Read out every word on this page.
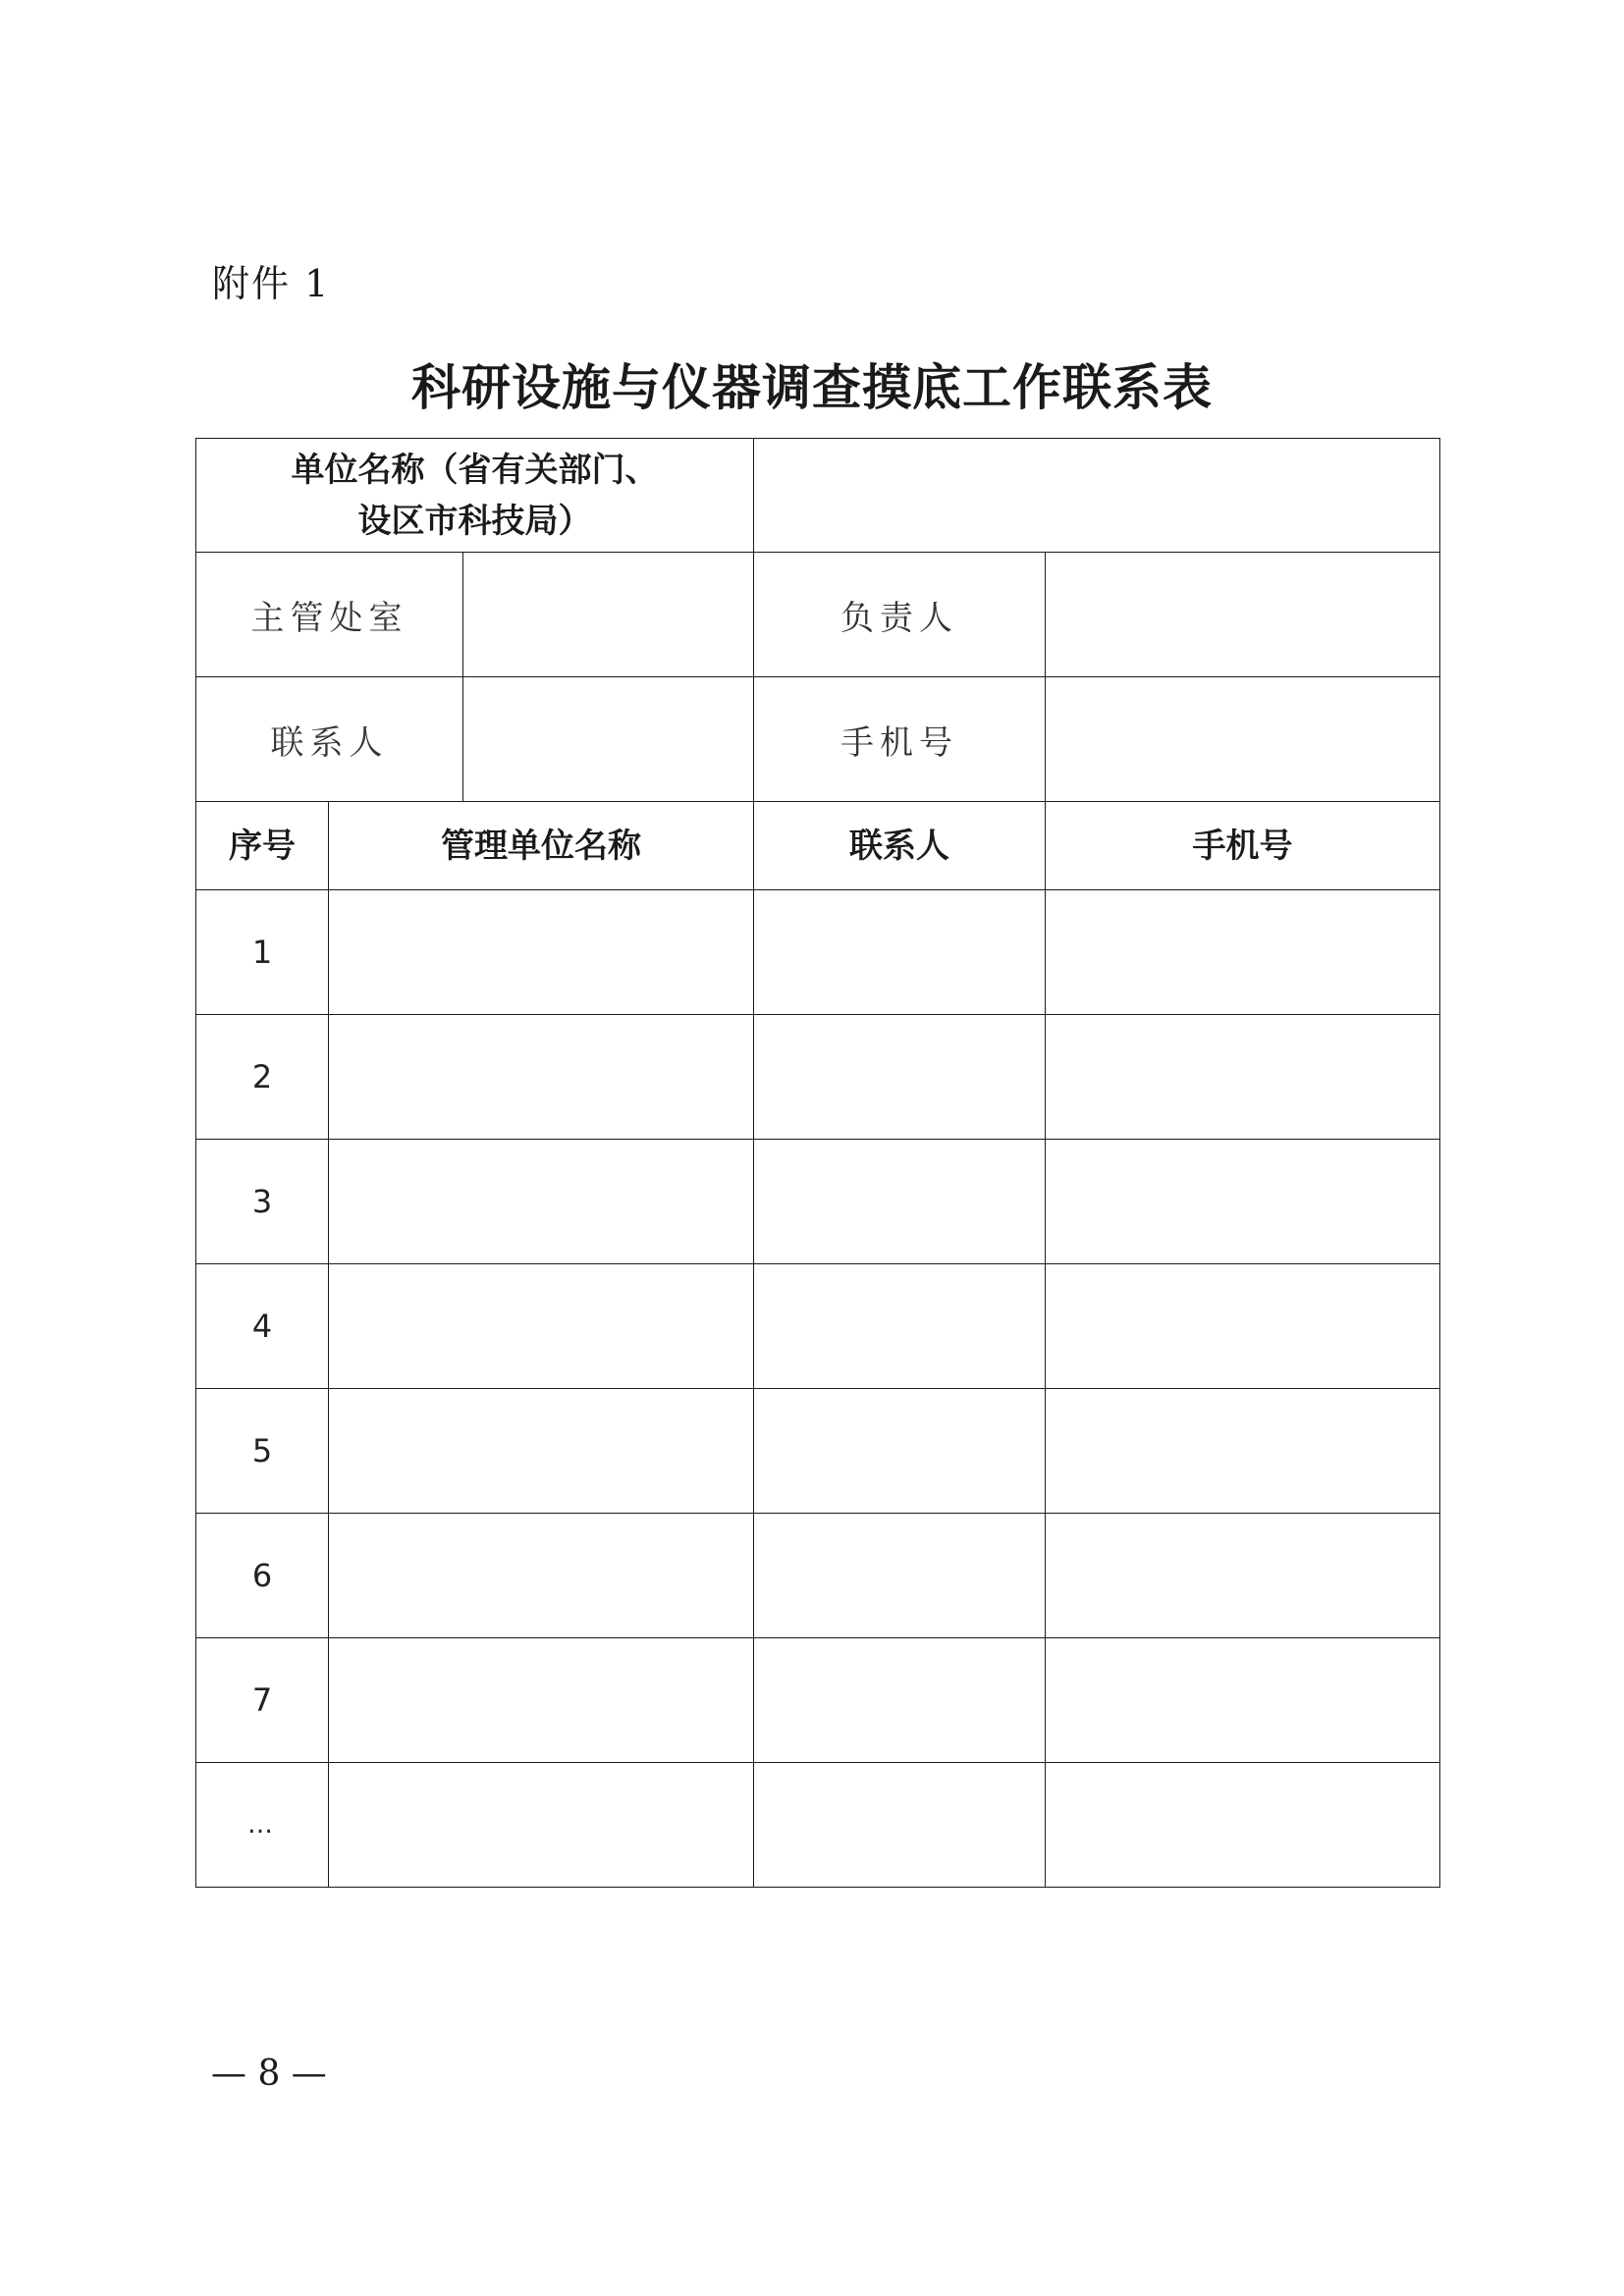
附件 1
科研设施与仪器调查摸底工作联系表
单位名称（省有关部门、
设区市科技局）				

主管处室			负责人	
联系人			手机号	
序号	管理单位名称		联系人	手机号
1				
2				
3				
4				
5				
6				
7				
…				
— 8 —
